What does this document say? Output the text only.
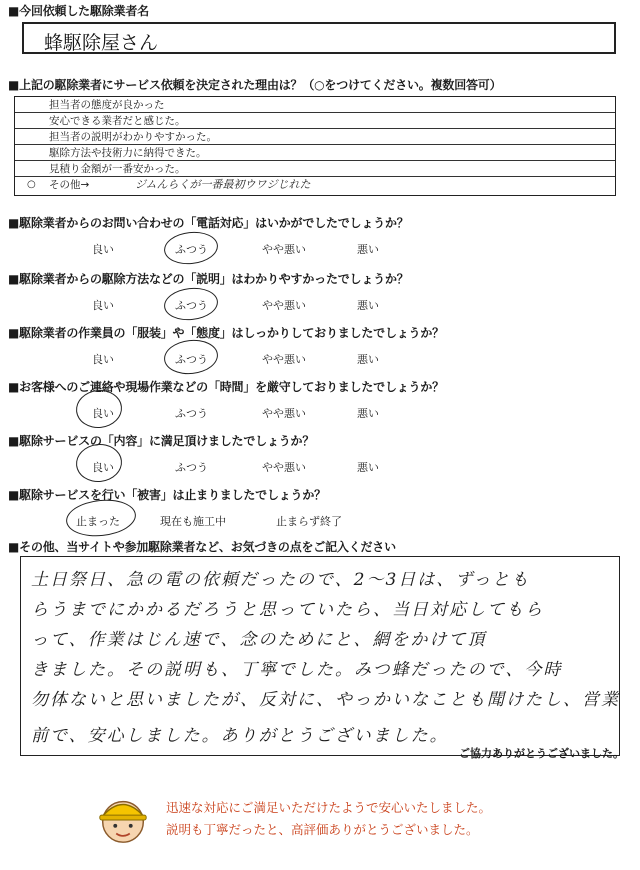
■今回依頼した駆除業者名
蜂駆除屋さん
■上記の駆除業者にサービス依頼を決定された理由は？（○をつけてください。複数回答可）
担当者の態度が良かった
安心できる業者だと感じた。
担当者の説明がわかりやすかった。
駆除方法や技術力に納得できた。
見積り金額が一番安かった。
○ その他→	ジムんらくが一番最初ウワジじれた
■駆除業者からのお問い合わせの「電話対応」はいかがでしたでしょうか？
良い	ふつう	やや悪い	悪い
■駆除業者からの駆除方法などの「説明」はわかりやすかったでしょうか？
良い	ふつう	やや悪い	悪い
■駆除業者の作業員の「服装」や「態度」はしっかりしておりましたでしょうか？
良い	ふつう	やや悪い	悪い
■お客様へのご連絡や現場作業などの「時間」を厳守しておりましたでしょうか？
良い	ふつう	やや悪い	悪い
■駆除サービスの「内容」に満足頂けましたでしょうか？
良い	ふつう	やや悪い	悪い
■駆除サービスを行い「被害」は止まりましたでしょうか？
止まった	現在も施工中	止まらず終了
■その他、当サイトや参加駆除業者など、お気づきの点をご記入ください
土日祭日、急の電の依頼だったので、2〜3日は、ずっとも
らうまでにかかるだろうと思っていたら、当日対応してもら
って、作業はじん速で、念のためにと、網をかけて頂
きました。その説明も、丁寧でした。みつ蜂だったので、今時
勿体ないと思いましたが、反対に、やっかいなことも聞けたし、営業
前で、安心しました。ありがとうございました。
ご協力ありがとうございました。
迅速な対応にご満足いただけたようで安心いたしました。
説明も丁寧だったと、高評価ありがとうございました。
